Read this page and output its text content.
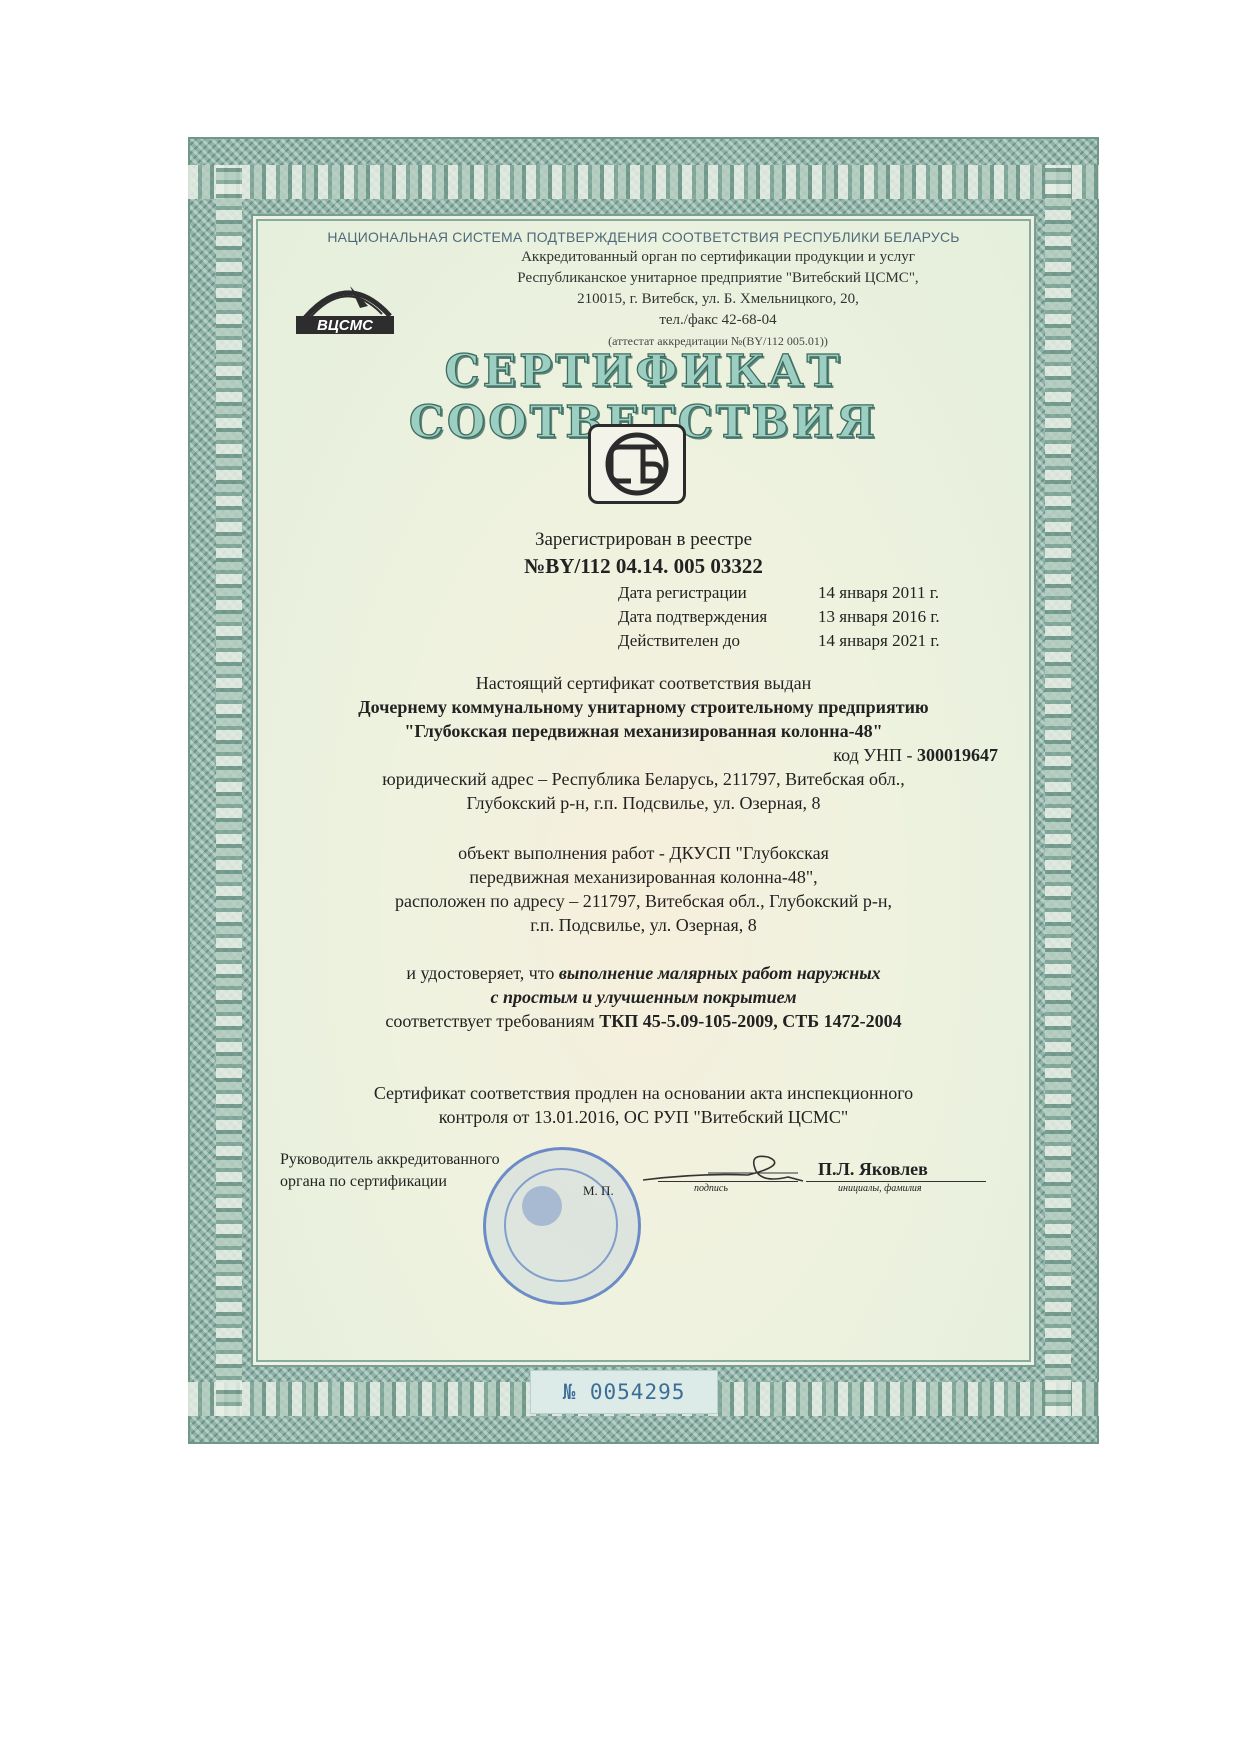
НАЦИОНАЛЬНАЯ СИСТЕМА ПОДТВЕРЖДЕНИЯ СООТВЕТСТВИЯ РЕСПУБЛИКИ БЕЛАРУСЬ
Аккредитованный орган по сертификации продукции и услуг
Республиканское унитарное предприятие "Витебский ЦСМС",
210015, г. Витебск, ул. Б. Хмельницкого, 20,
тел./факс 42-68-04
(аттестат аккредитации №(BY/112 005.01))
ВЦСМС
СЕРТИФИКАТ СООТВЕТСТВИЯ
СТБ
Зарегистрирован в реестре
№BY/112 04.14. 005 03322
Дата регистрации	14 января 2011 г.
Дата подтверждения	13 января 2016 г.
Действителен до	14 января 2021 г.
Настоящий сертификат соответствия выдан
Дочернему коммунальному унитарному строительному предприятию
"Глубокская передвижная механизированная колонна-48"
код УНП - 300019647
юридический адрес – Республика Беларусь, 211797, Витебская обл.,
Глубокский р-н, г.п. Подсвилье, ул. Озерная, 8
объект выполнения работ - ДКУСП "Глубокская
передвижная механизированная колонна-48",
расположен по адресу – 211797, Витебская обл., Глубокский р-н,
г.п. Подсвилье, ул. Озерная, 8
и удостоверяет, что выполнение малярных работ наружных
с простым и улучшенным покрытием
соответствует требованиям ТКП 45-5.09-105-2009, СТБ 1472-2004
Сертификат соответствия продлен на основании акта инспекционного
контроля от 13.01.2016, ОС РУП "Витебский ЦСМС"
Руководитель аккредитованного
органа по сертификации
М. П.	подпись
П.Л. Яковлев
инициалы, фамилия
№ 0054295
